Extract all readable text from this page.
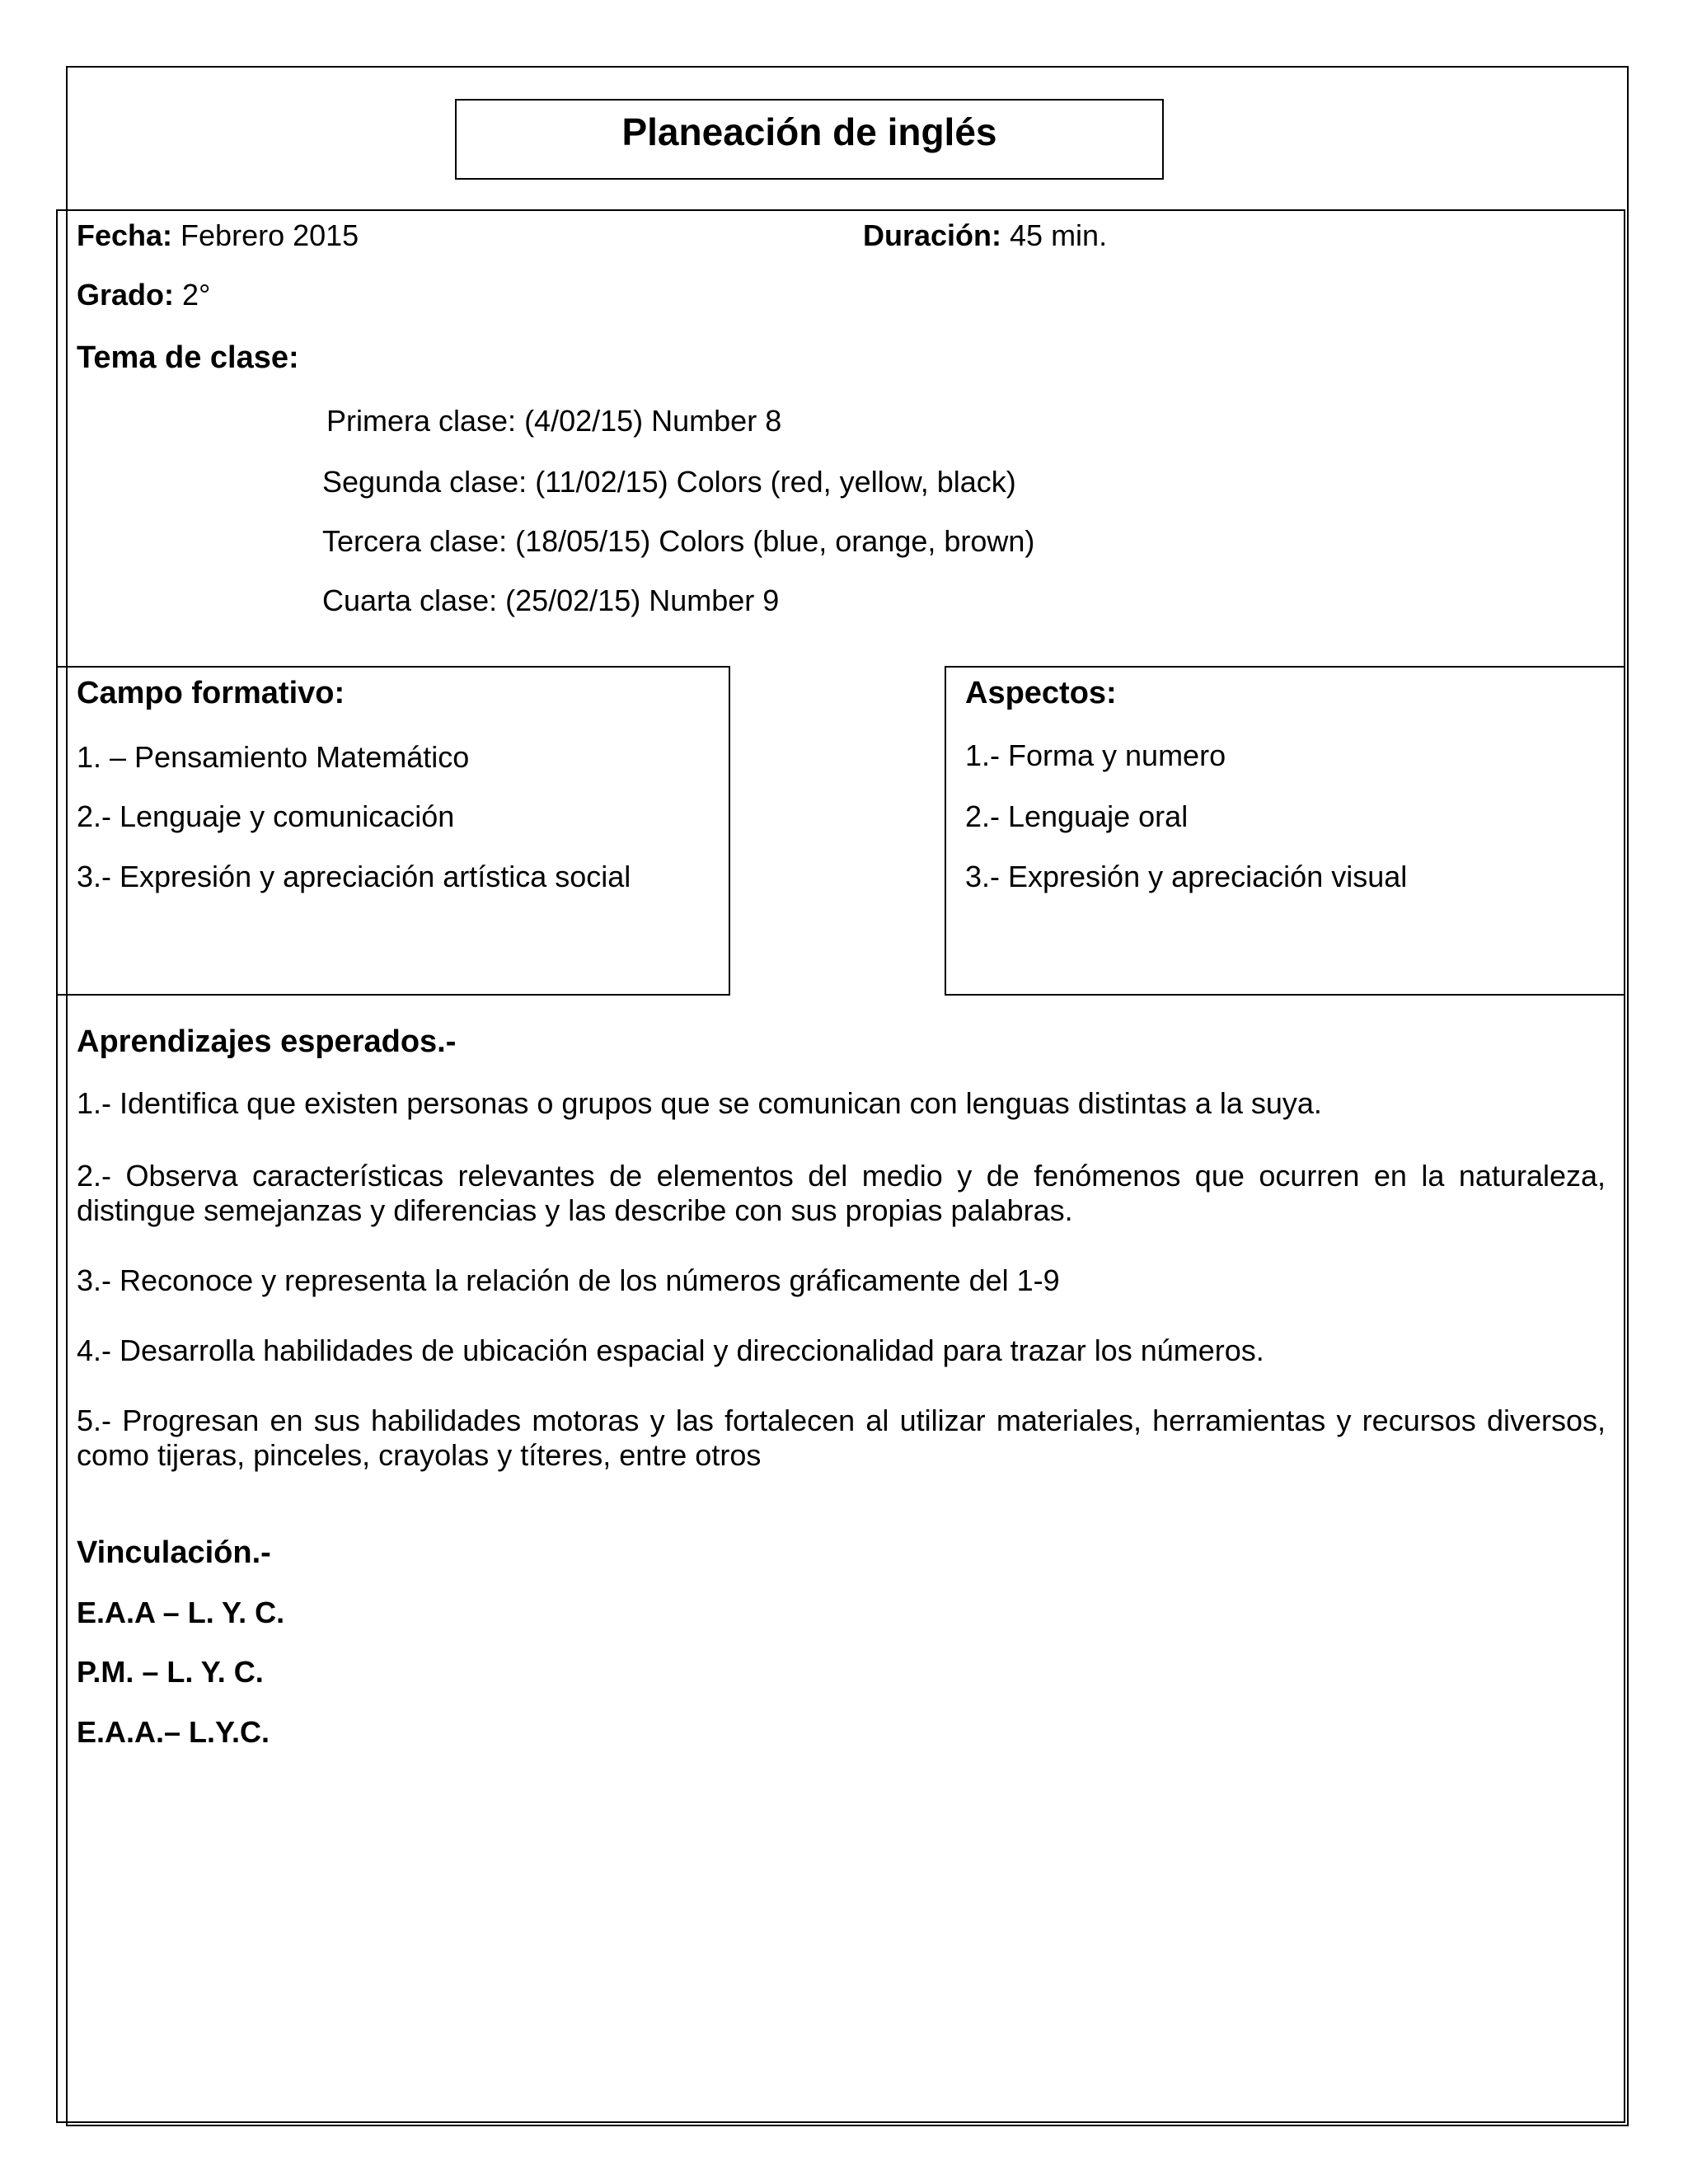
Planeación de inglés
Fecha: Febrero 2015	Duración: 45 min.
Grado: 2°
Tema de clase:
Primera clase: (4/02/15) Number 8
Segunda clase: (11/02/15) Colors (red, yellow, black)
Tercera clase: (18/05/15) Colors (blue, orange, brown)
Cuarta clase: (25/02/15) Number 9
Campo formativo:
1. – Pensamiento Matemático
2.- Lenguaje y comunicación
3.- Expresión y apreciación artística social
Aspectos:
1.- Forma y numero
2.- Lenguaje oral
3.- Expresión y apreciación visual
Aprendizajes esperados.-
1.- Identifica que existen personas o grupos que se comunican con lenguas distintas a la suya.
2.- Observa características relevantes de elementos del medio y de fenómenos que ocurren en la naturaleza, distingue semejanzas y diferencias y las describe con sus propias palabras.
3.- Reconoce y representa la relación de los números gráficamente del 1-9
4.- Desarrolla habilidades de ubicación espacial y direccionalidad para trazar los números.
5.- Progresan en sus habilidades motoras y las fortalecen al utilizar materiales, herramientas y recursos diversos, como tijeras, pinceles, crayolas y títeres, entre otros
Vinculación.-
E.A.A – L. Y. C.
P.M. – L. Y. C.
E.A.A.– L.Y.C.
